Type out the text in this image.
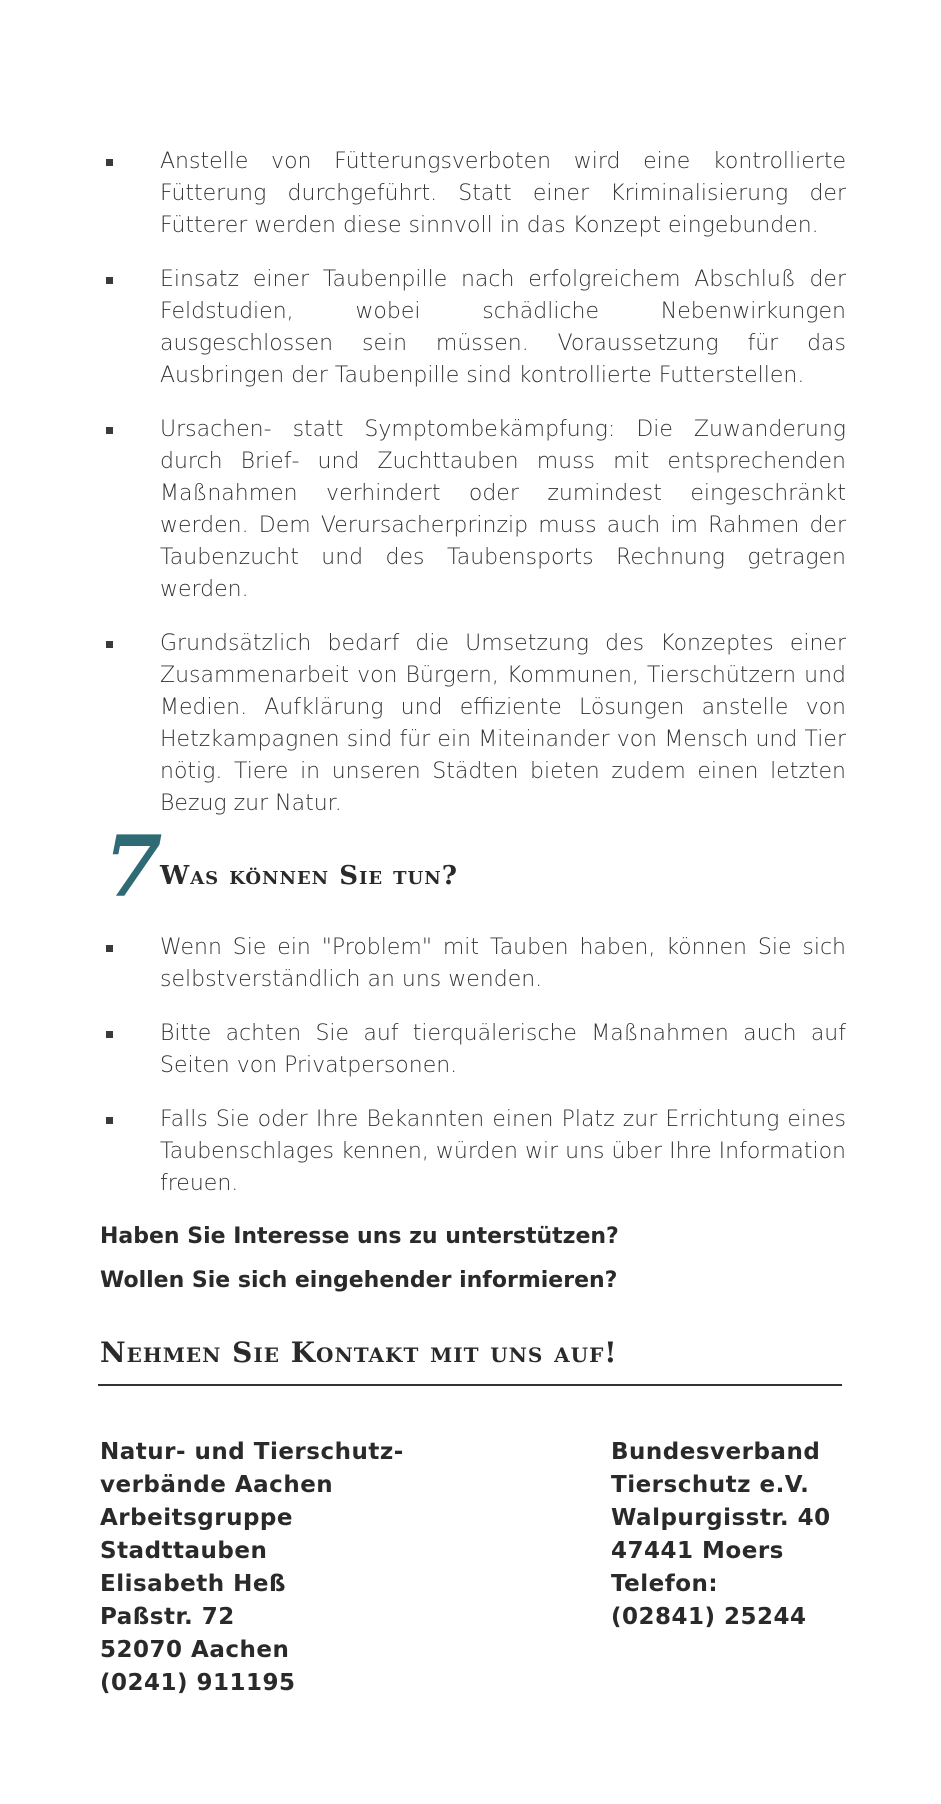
Anstelle von Fütterungsverboten wird eine kontrollierte Fütterung durchgeführt. Statt einer Kriminalisierung der Fütterer werden diese sinnvoll in das Konzept eingebunden.
Einsatz einer Taubenpille nach erfolgreichem Abschluß der Feldstudien, wobei schädliche Nebenwirkungen ausgeschlossen sein müssen. Voraussetzung für das Ausbringen der Taubenpille sind kontrollierte Futterstellen.
Ursachen- statt Symptombekämpfung: Die Zuwanderung durch Brief- und Zuchttauben muss mit entsprechenden Maßnahmen verhindert oder zumindest eingeschränkt werden. Dem Verursacherprinzip muss auch im Rahmen der Taubenzucht und des Taubensports Rechnung getragen werden.
Grundsätzlich bedarf die Umsetzung des Konzeptes einer Zusammenarbeit von Bürgern, Kommunen, Tierschützern und Medien. Aufklärung und effiziente Lösungen anstelle von Hetzkampagnen sind für ein Miteinander von Mensch und Tier nötig. Tiere in unseren Städten bieten zudem einen letzten Bezug zur Natur.
7
Was können Sie tun?
Wenn Sie ein "Problem" mit Tauben haben, können Sie sich selbstverständlich an uns wenden.
Bitte achten Sie auf tierquälerische Maßnahmen auch auf Seiten von Privatpersonen.
Falls Sie oder Ihre Bekannten einen Platz zur Errichtung eines Taubenschlages kennen, würden wir uns über Ihre Information freuen.
Haben Sie Interesse uns zu unterstützen?
Wollen Sie sich eingehender informieren?
Nehmen Sie Kontakt mit uns auf!
Natur- und Tierschutz-
verbände Aachen
Arbeitsgruppe
Stadttauben
Elisabeth Heß
Paßstr. 72
52070 Aachen
(0241) 911195
Bundesverband
Tierschutz e.V.
Walpurgisstr. 40
47441 Moers
Telefon:
(02841) 25244
